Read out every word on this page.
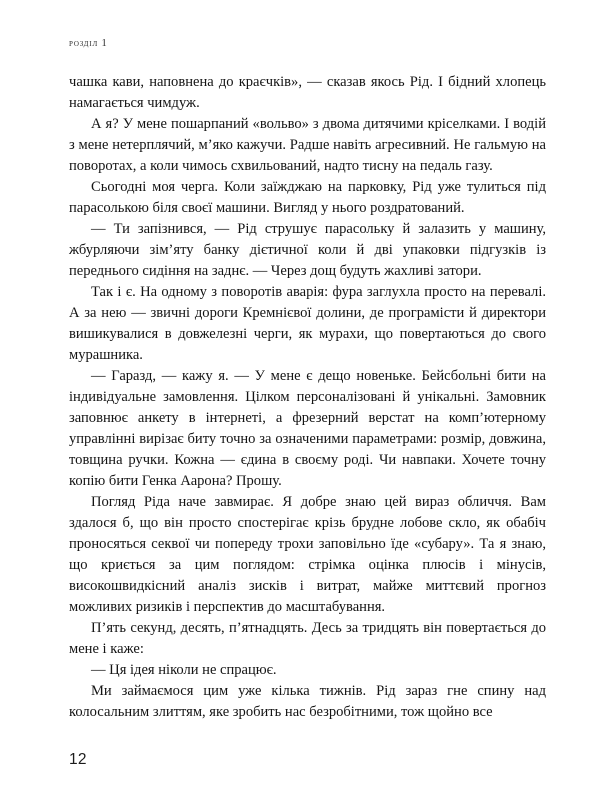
розділ 1

чашка кави, наповнена до краєчків», — сказав якось Рід. І бідний хлопець намагається чимдуж.

А я? У мене пошарпаний «вольво» з двома дитячими кріселками. І водій з мене нетерплячий, м’яко кажучи. Радше навіть агресивний. Не гальмую на поворотах, а коли чимось схвильований, надто тисну на педаль газу.

Сьогодні моя черга. Коли заїжджаю на парковку, Рід уже тулиться під парасолькою біля своєї машини. Вигляд у нього роздратований.

— Ти запізнився, — Рід струшує парасольку й залазить у машину, жбурляючи зім’яту банку дієтичної коли й дві упаковки підгузків із переднього сидіння на заднє. — Через дощ будуть жахливі затори.

Так і є. На одному з поворотів аварія: фура заглухла просто на перевалі. А за нею — звичні дороги Кремнієвої долини, де програмісти й директори вишикувалися в довжелезні черги, як мурахи, що повертаються до свого мурашника.

— Гаразд, — кажу я. — У мене є дещо новеньке. Бейсбольні бити на індивідуальне замовлення. Цілком персоналізовані й унікальні. Замовник заповнює анкету в інтернеті, а фрезерний верстат на комп’ютерному управлінні вирізає биту точно за означеними параметрами: розмір, довжина, товщина ручки. Кожна — єдина в своєму роді. Чи навпаки. Хочете точну копію бити Генка Аарона? Прошу.

Погляд Ріда наче завмирає. Я добре знаю цей вираз обличчя. Вам здалося б, що він просто спостерігає крізь брудне лобове скло, як обабіч проносяться секвої чи попереду трохи заповільно їде «субару». Та я знаю, що криється за цим поглядом: стрімка оцінка плюсів і мінусів, високошвидкісний аналіз зисків і витрат, майже миттєвий прогноз можливих ризиків і перспектив до масштабування.

П’ять секунд, десять, п’ятнадцять. Десь за тридцять він повертається до мене і каже:

— Ця ідея ніколи не спрацює.

Ми займаємося цим уже кілька тижнів. Рід зараз гне спину над колосальним злиттям, яке зробить нас безробітними, тож щойно все

12
